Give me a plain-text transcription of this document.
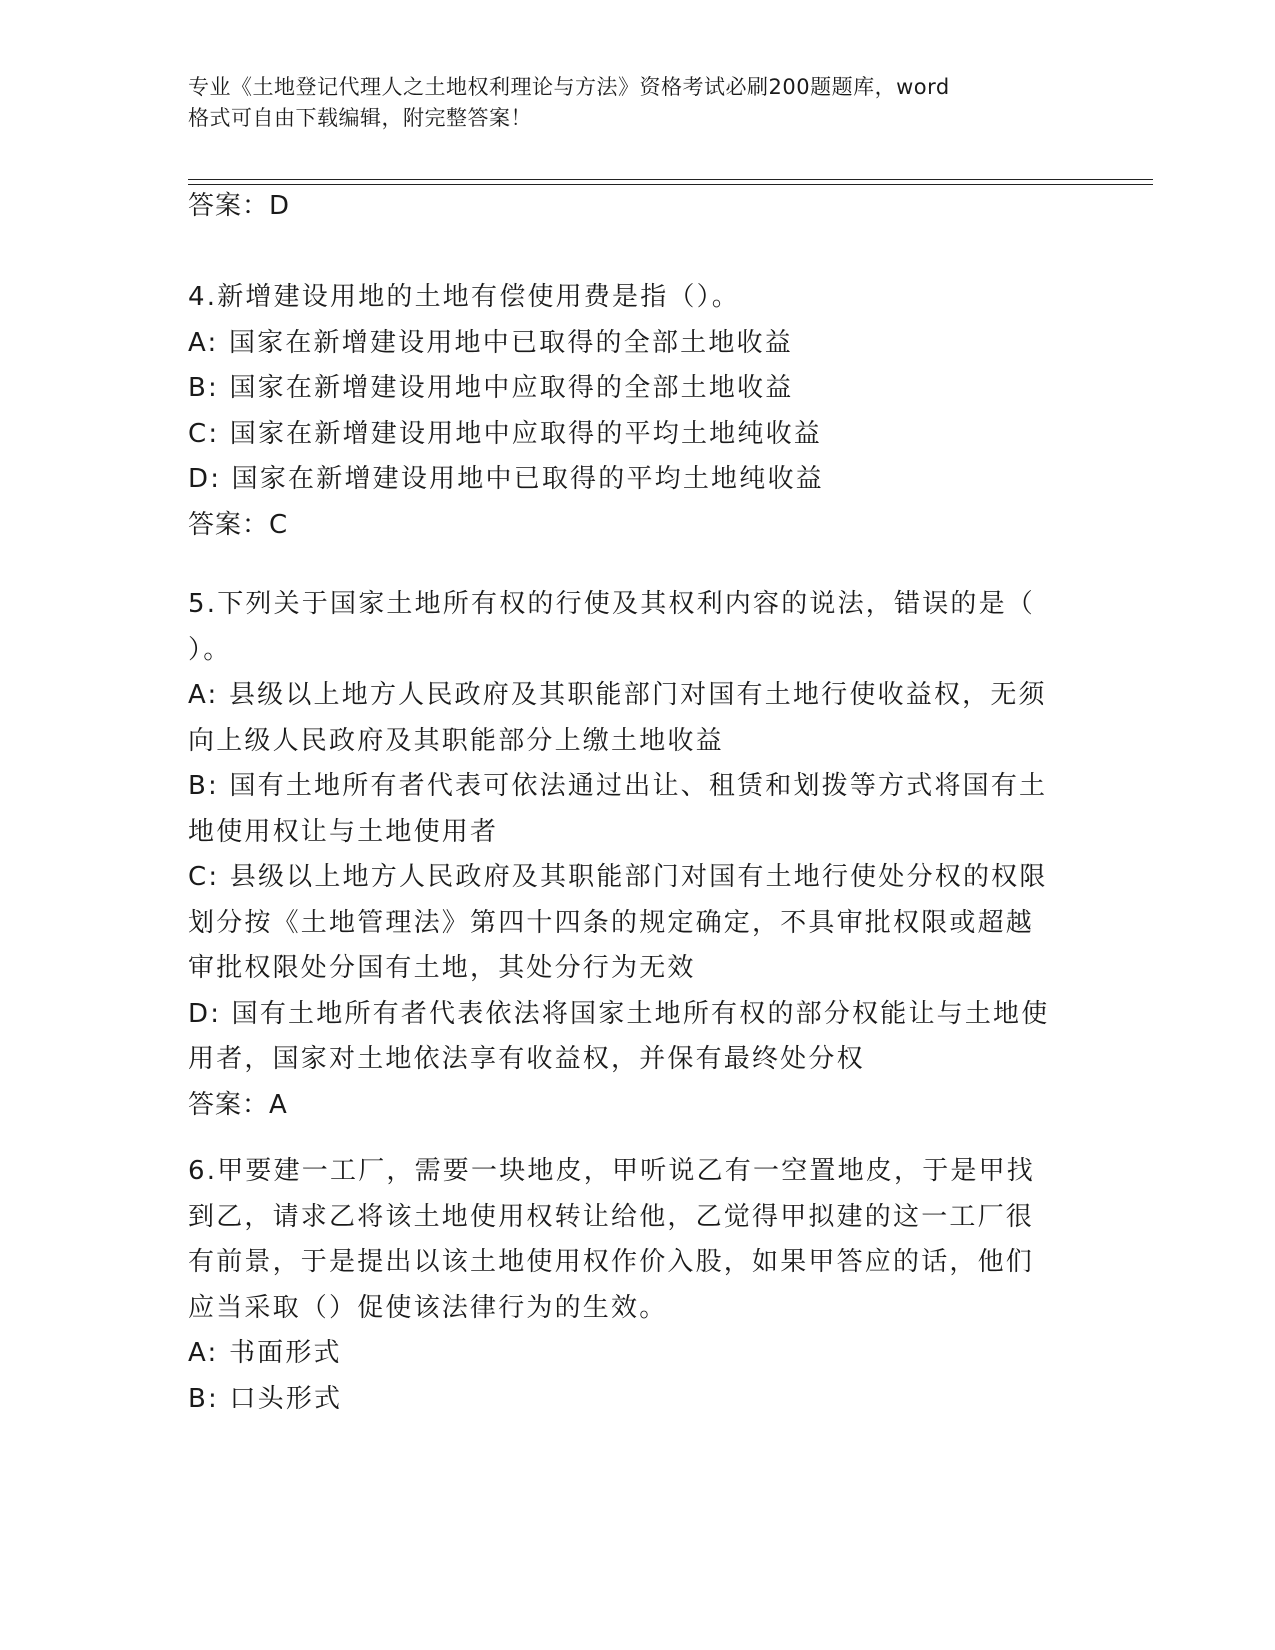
专业《土地登记代理人之土地权利理论与方法》资格考试必刷200题题库，word
格式可自由下载编辑，附完整答案！
答案：D
4.新增建设用地的土地有偿使用费是指（）。
A: 国家在新增建设用地中已取得的全部土地收益
B: 国家在新增建设用地中应取得的全部土地收益
C: 国家在新增建设用地中应取得的平均土地纯收益
D: 国家在新增建设用地中已取得的平均土地纯收益
答案：C
5.下列关于国家土地所有权的行使及其权利内容的说法，错误的是（
）。
A: 县级以上地方人民政府及其职能部门对国有土地行使收益权，无须
向上级人民政府及其职能部分上缴土地收益
B: 国有土地所有者代表可依法通过出让、租赁和划拨等方式将国有土
地使用权让与土地使用者
C: 县级以上地方人民政府及其职能部门对国有土地行使处分权的权限
划分按《土地管理法》第四十四条的规定确定，不具审批权限或超越
审批权限处分国有土地，其处分行为无效
D: 国有土地所有者代表依法将国家土地所有权的部分权能让与土地使
用者，国家对土地依法享有收益权，并保有最终处分权
答案：A
6.甲要建一工厂，需要一块地皮，甲听说乙有一空置地皮，于是甲找
到乙，请求乙将该土地使用权转让给他，乙觉得甲拟建的这一工厂很
有前景，于是提出以该土地使用权作价入股，如果甲答应的话，他们
应当采取（）促使该法律行为的生效。
A: 书面形式
B: 口头形式
